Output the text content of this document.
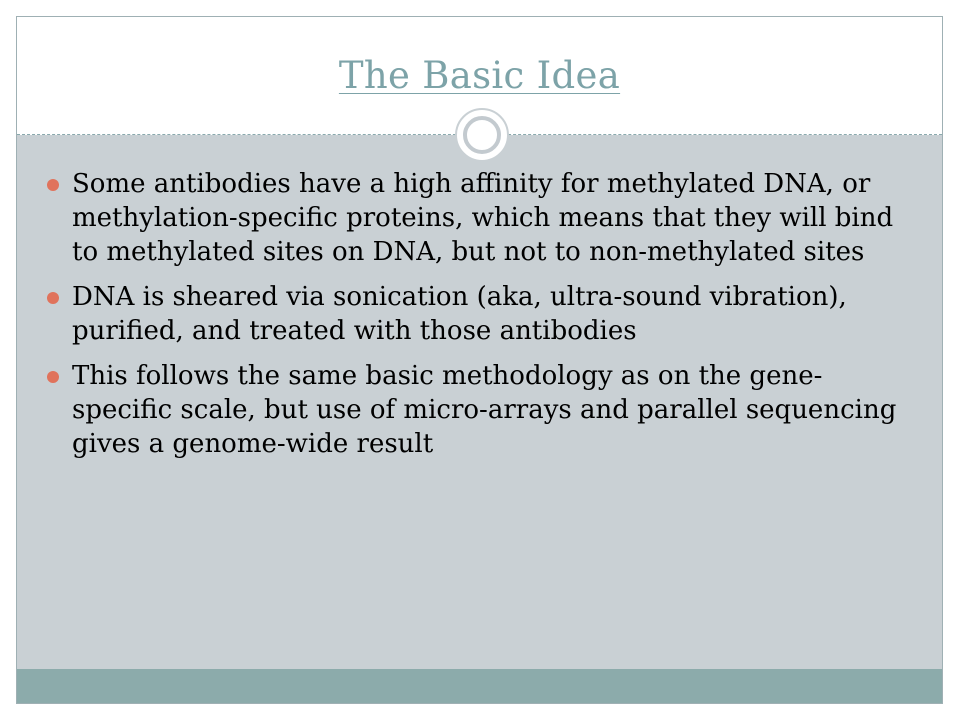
The Basic Idea
Some antibodies have a high affinity for methylated DNA, or methylation-specific proteins, which means that they will bind to methylated sites on DNA, but not to non-methylated sites
DNA is sheared via sonication (aka, ultra-sound vibration), purified, and treated with those antibodies
This follows the same basic methodology as on the gene-specific scale, but use of micro-arrays and parallel sequencing gives a genome-wide result
